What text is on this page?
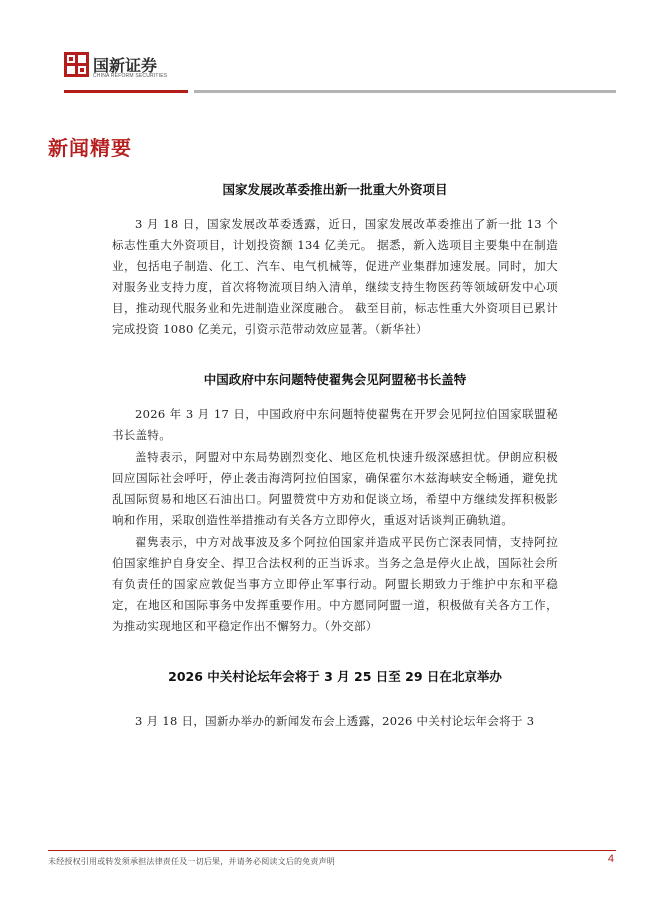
国新证券
CHINA REFORM SECURITIES
新闻精要
国家发展改革委推出新一批重大外资项目

3 月 18 日，国家发展改革委透露，近日，国家发展改革委推出了新一批 13 个标志性重大外资项目，计划投资额 134 亿美元。 据悉，新入选项目主要集中在制造业，包括电子制造、化工、汽车、电气机械等，促进产业集群加速发展。同时，加大对服务业支持力度，首次将物流项目纳入清单，继续支持生物医药等领域研发中心项目，推动现代服务业和先进制造业深度融合。 截至目前，标志性重大外资项目已累计完成投资 1080 亿美元，引资示范带动效应显著。（新华社）

中国政府中东问题特使翟隽会见阿盟秘书长盖特

2026 年 3 月 17 日，中国政府中东问题特使翟隽在开罗会见阿拉伯国家联盟秘书长盖特。

盖特表示，阿盟对中东局势剧烈变化、地区危机快速升级深感担忧。伊朗应积极回应国际社会呼吁，停止袭击海湾阿拉伯国家，确保霍尔木兹海峡安全畅通，避免扰乱国际贸易和地区石油出口。阿盟赞赏中方劝和促谈立场，希望中方继续发挥积极影响和作用，采取创造性举措推动有关各方立即停火，重返对话谈判正确轨道。

翟隽表示，中方对战事波及多个阿拉伯国家并造成平民伤亡深表同情，支持阿拉伯国家维护自身安全、捍卫合法权利的正当诉求。当务之急是停火止战，国际社会所有负责任的国家应敦促当事方立即停止军事行动。阿盟长期致力于维护中东和平稳定，在地区和国际事务中发挥重要作用。中方愿同阿盟一道，积极做有关各方工作，为推动实现地区和平稳定作出不懈努力。（外交部）

2026 中关村论坛年会将于 3 月 25 日至 29 日在北京举办

3 月 18 日，国新办举办的新闻发布会上透露，2026 中关村论坛年会将于 3

未经授权引用或转发须承担法律责任及一切后果，并请务必阅读文后的免责声明	4
